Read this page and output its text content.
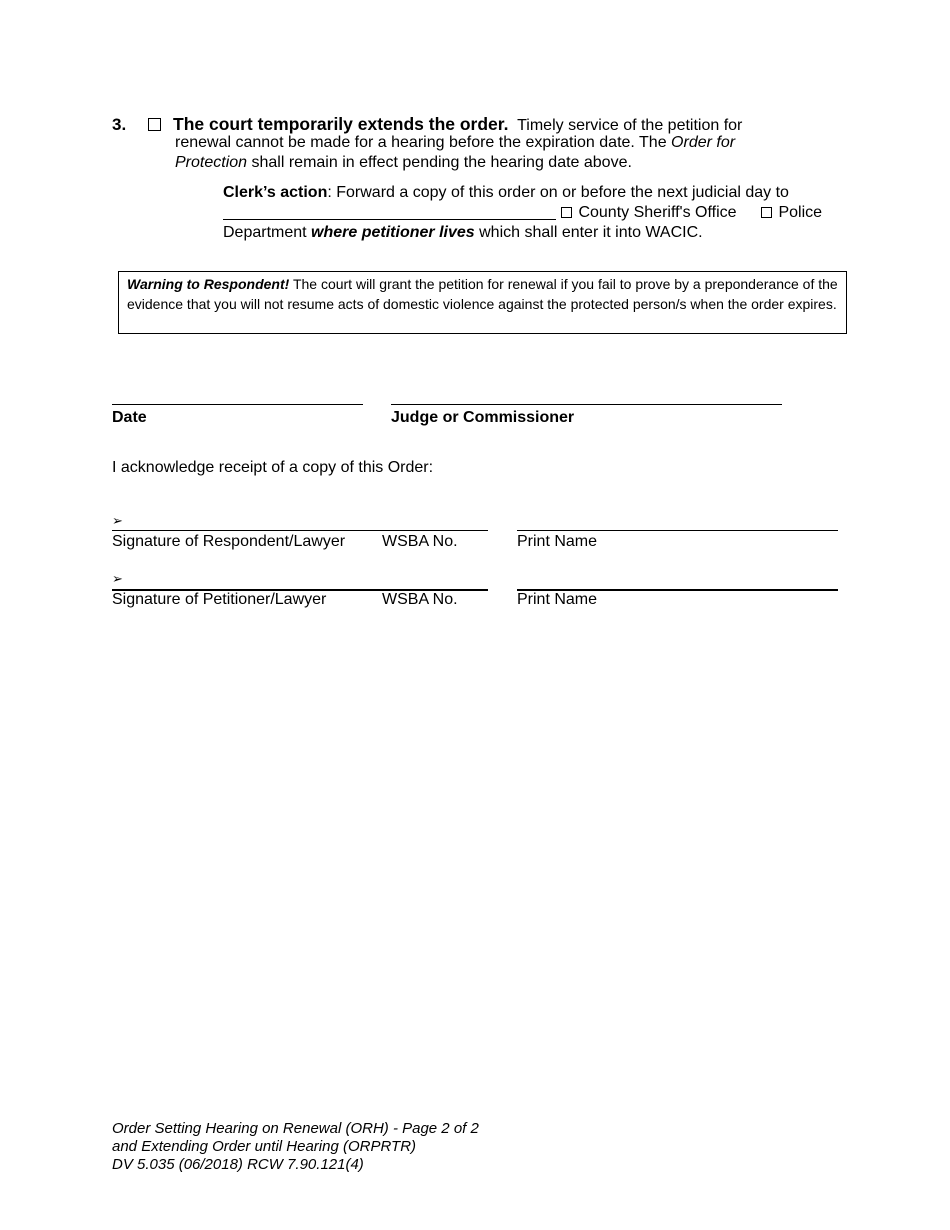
3.	The court temporarily extends the order. Timely service of the petition for
renewal cannot be made for a hearing before the expiration date. The Order for
Protection shall remain in effect pending the hearing date above.
Clerk’s action: Forward a copy of this order on or before the next judicial day to
County Sheriff's Office	Police
Department where petitioner lives which shall enter it into WACIC.
Warning to Respondent! The court will grant the petition for renewal if you fail to prove by a preponderance of the evidence that you will not resume acts of domestic violence against the protected person/s when the order expires.
Date	Judge or Commissioner
I acknowledge receipt of a copy of this Order:
➢
Signature of Respondent/Lawyer WSBA No.	Print Name
➢
Signature of Petitioner/Lawyer	WSBA No.	Print Name
Order Setting Hearing on Renewal (ORH) - Page 2 of 2
and Extending Order until Hearing (ORPRTR)
DV 5.035 (06/2018) RCW 7.90.121(4)
